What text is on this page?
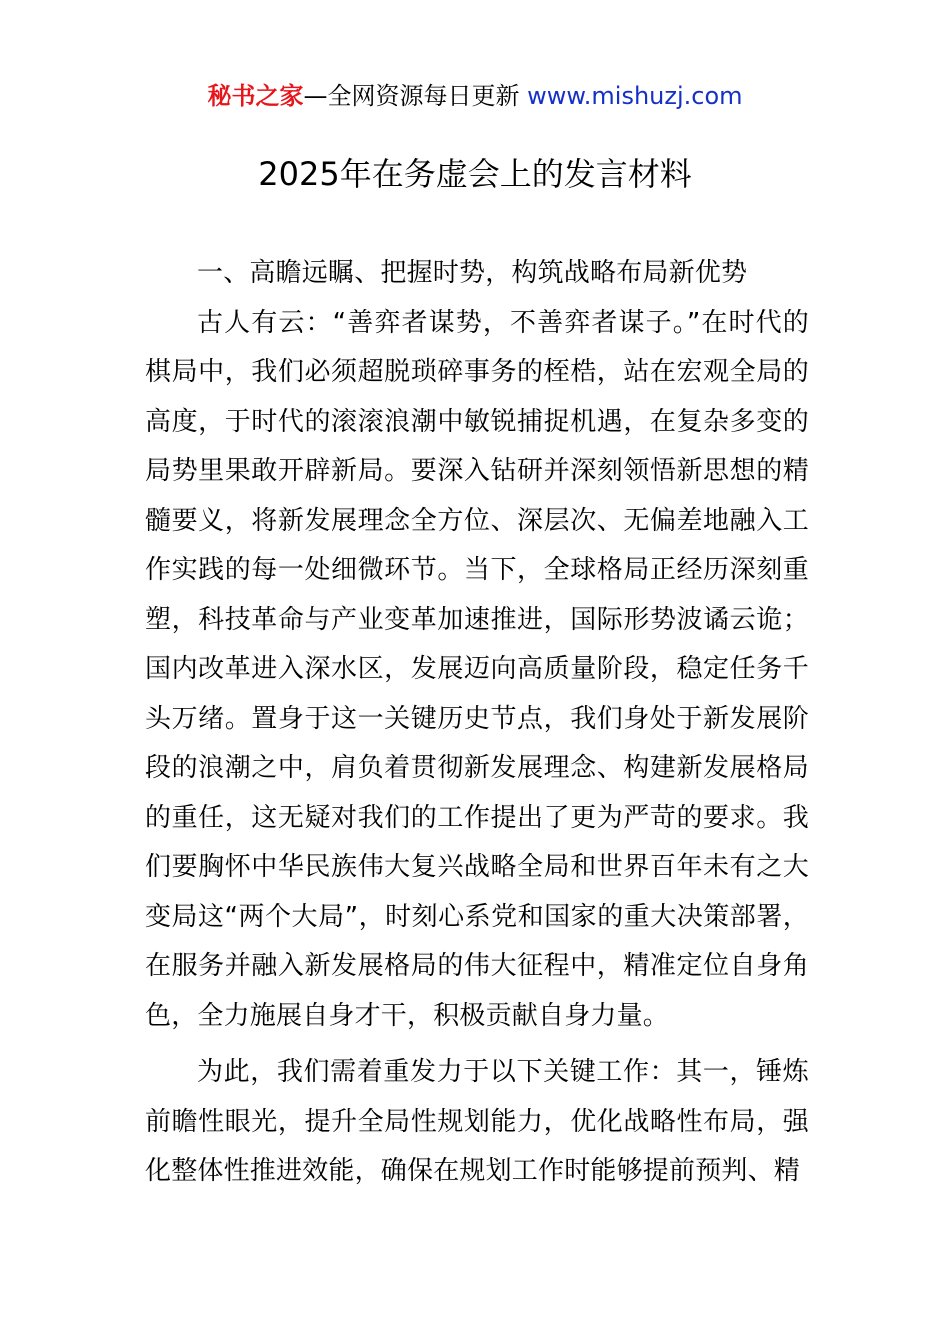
秘书之家—全网资源每日更新 www.mishuzj.com
2025年在务虚会上的发言材料

一、高瞻远瞩、把握时势，构筑战略布局新优势

古人有云：“善弈者谋势，不善弈者谋子。”在时代的棋局中，我们必须超脱琐碎事务的桎梏，站在宏观全局的高度，于时代的滚滚浪潮中敏锐捕捉机遇，在复杂多变的局势里果敢开辟新局。要深入钻研并深刻领悟新思想的精髓要义，将新发展理念全方位、深层次、无偏差地融入工作实践的每一处细微环节。当下，全球格局正经历深刻重塑，科技革命与产业变革加速推进，国际形势波谲云诡；国内改革进入深水区，发展迈向高质量阶段，稳定任务千头万绪。置身于这一关键历史节点，我们身处于新发展阶段的浪潮之中，肩负着贯彻新发展理念、构建新发展格局的重任，这无疑对我们的工作提出了更为严苛的要求。我们要胸怀中华民族伟大复兴战略全局和世界百年未有之大变局这“两个大局”，时刻心系党和国家的重大决策部署，在服务并融入新发展格局的伟大征程中，精准定位自身角色，全力施展自身才干，积极贡献自身力量。

为此，我们需着重发力于以下关键工作：其一，锤炼前瞻性眼光，提升全局性规划能力，优化战略性布局，强化整体性推进效能，确保在规划工作时能够提前预判、精
